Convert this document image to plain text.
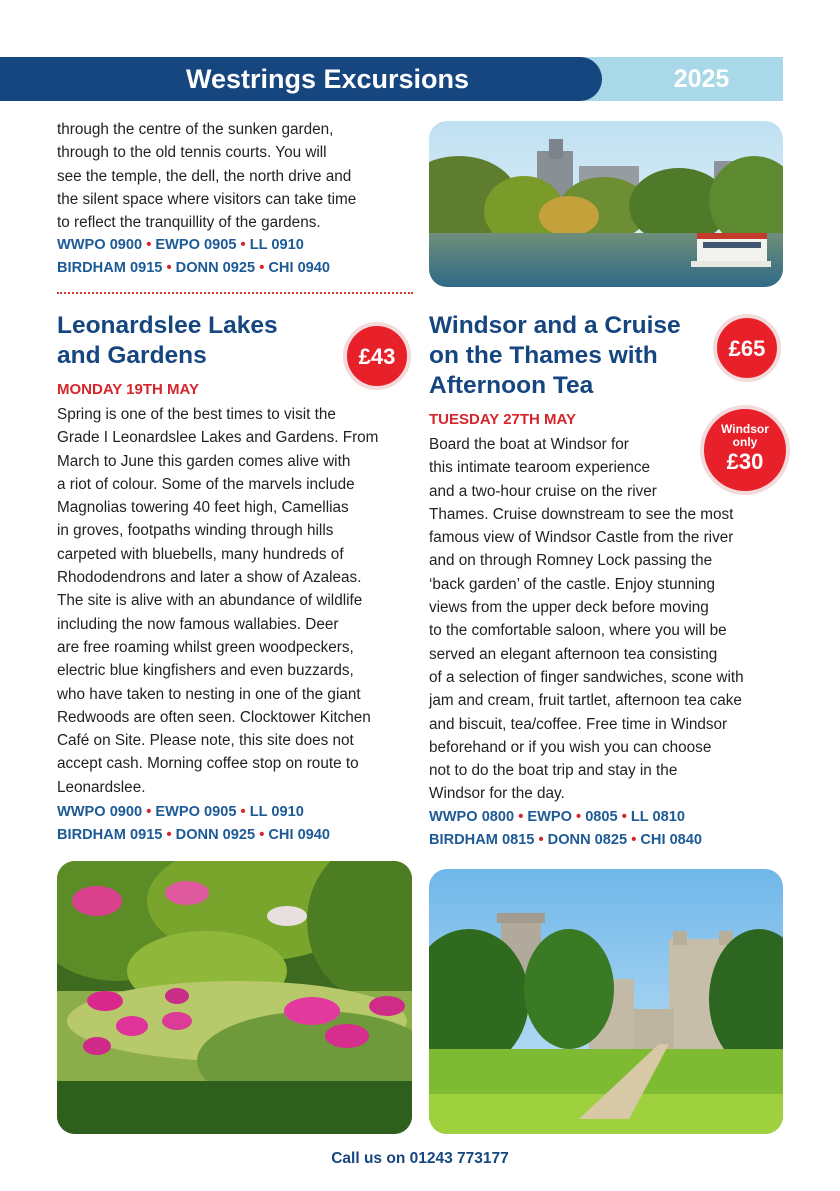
Westrings Excursions	2025
through the centre of the sunken garden,
through to the old tennis courts. You will
see the temple, the dell, the north drive and
the silent space where visitors can take time
to reflect the tranquillity of the gardens.
WWPO 0900 • EWPO 0905 • LL 0910
BIRDHAM 0915 • DONN 0925 • CHI 0940
Leonardslee Lakes
and Gardens	£43
MONDAY 19TH MAY
Spring is one of the best times to visit the
Grade I Leonardslee Lakes and Gardens. From
March to June this garden comes alive with
a riot of colour. Some of the marvels include
Magnolias towering 40 feet high, Camellias
in groves, footpaths winding through hills
carpeted with bluebells, many hundreds of
Rhododendrons and later a show of Azaleas.
The site is alive with an abundance of wildlife
including the now famous wallabies. Deer
are free roaming whilst green woodpeckers,
electric blue kingfishers and even buzzards,
who have taken to nesting in one of the giant
Redwoods are often seen. Clocktower Kitchen
Café on Site. Please note, this site does not
accept cash. Morning coffee stop on route to
Leonardslee.
WWPO 0900 • EWPO 0905 • LL 0910
BIRDHAM 0915 • DONN 0925 • CHI 0940
Windsor and a Cruise
on the Thames with
Afternoon Tea
£65
Windsor
only
£30
TUESDAY 27TH MAY
Board the boat at Windsor for
this intimate tearoom experience
and a two-hour cruise on the river
Thames. Cruise downstream to see the most
famous view of Windsor Castle from the river
and on through Romney Lock passing the
‘back garden’ of the castle. Enjoy stunning
views from the upper deck before moving
to the comfortable saloon, where you will be
served an elegant afternoon tea consisting
of a selection of finger sandwiches, scone with
jam and cream, fruit tartlet, afternoon tea cake
and biscuit, tea/coffee. Free time in Windsor
beforehand or if you wish you can choose
not to do the boat trip and stay in the
Windsor for the day.
WWPO 0800 • EWPO • 0805 • LL 0810
BIRDHAM 0815 • DONN 0825 • CHI 0840
Call us on 01243 773177
